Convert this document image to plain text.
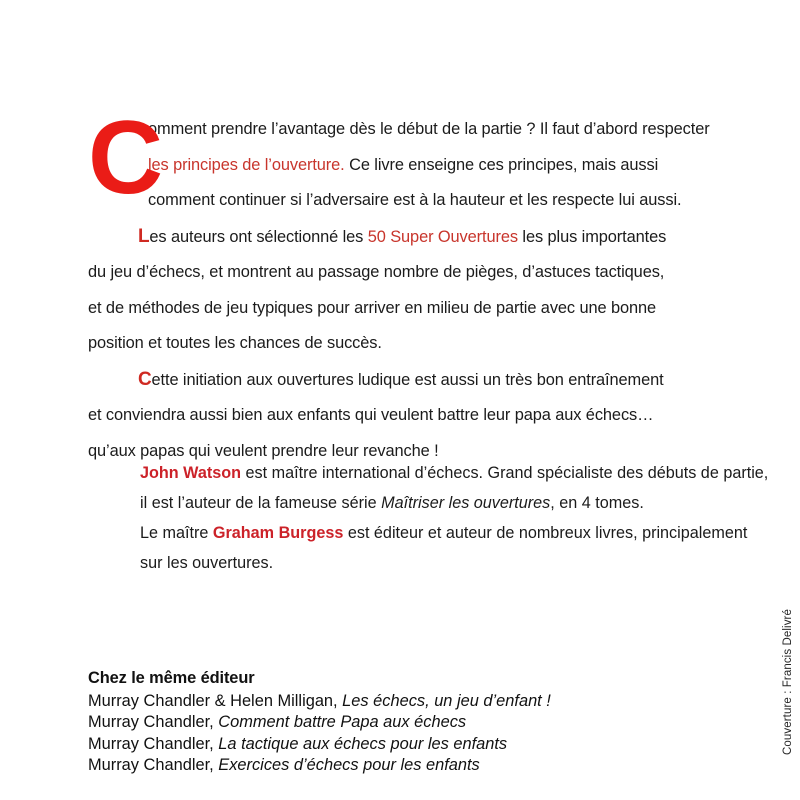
C
omment prendre l’avantage dès le début de la partie ? Il faut d’abord respecter
les principes de l’ouverture. Ce livre enseigne ces principes, mais aussi
comment continuer si l’adversaire est à la hauteur et les respecte lui aussi.

Les auteurs ont sélectionné les 50 Super Ouvertures les plus importantes
du jeu d’échecs, et montrent au passage nombre de pièges, d’astuces tactiques,
et de méthodes de jeu typiques pour arriver en milieu de partie avec une bonne
position et toutes les chances de succès.

Cette initiation aux ouvertures ludique est aussi un très bon entraînement
et conviendra aussi bien aux enfants qui veulent battre leur papa aux échecs…
qu’aux papas qui veulent prendre leur revanche !

John Watson est maître international d’échecs. Grand spécialiste des débuts de partie,
il est l’auteur de la fameuse série Maîtriser les ouvertures, en 4 tomes.
Le maître Graham Burgess est éditeur et auteur de nombreux livres, principalement
sur les ouvertures.
Chez le même éditeur
Murray Chandler & Helen Milligan, Les échecs, un jeu d’enfant !
Murray Chandler, Comment battre Papa aux échecs
Murray Chandler, La tactique aux échecs pour les enfants
Murray Chandler, Exercices d’échecs pour les enfants
Couverture : Francis Delivré
